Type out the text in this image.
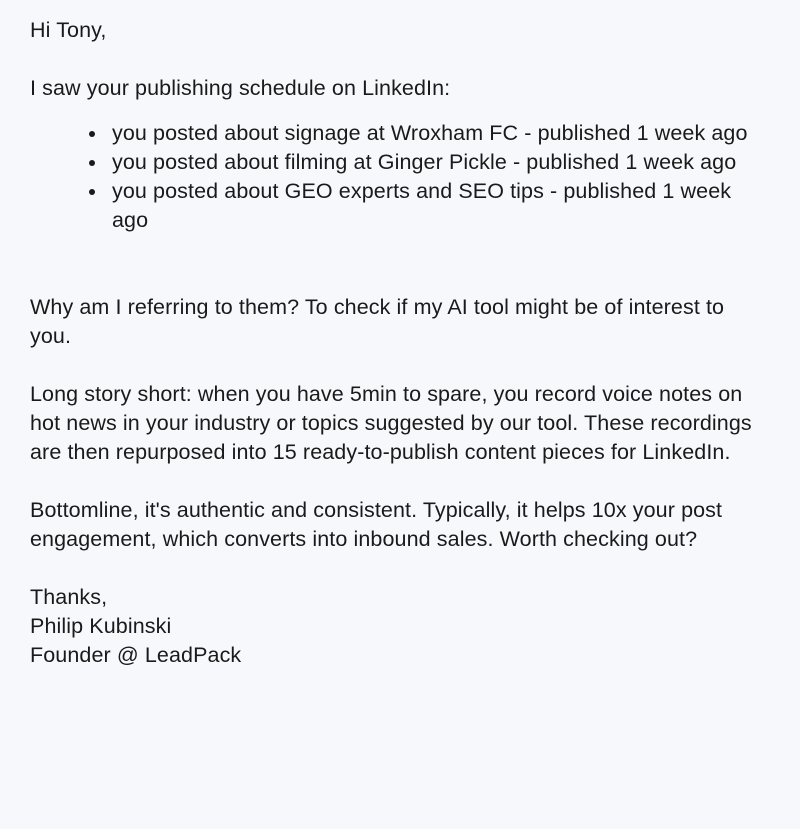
Hi Tony,

I saw your publishing schedule on LinkedIn:

• you posted about signage at Wroxham FC - published 1 week ago
• you posted about filming at Ginger Pickle - published 1 week ago
• you posted about GEO experts and SEO tips - published 1 week ago

Why am I referring to them? To check if my AI tool might be of interest to you.

Long story short: when you have 5min to spare, you record voice notes on hot news in your industry or topics suggested by our tool. These recordings are then repurposed into 15 ready-to-publish content pieces for LinkedIn.

Bottomline, it's authentic and consistent. Typically, it helps 10x your post engagement, which converts into inbound sales. Worth checking out?

Thanks,
Philip Kubinski
Founder @ LeadPack
